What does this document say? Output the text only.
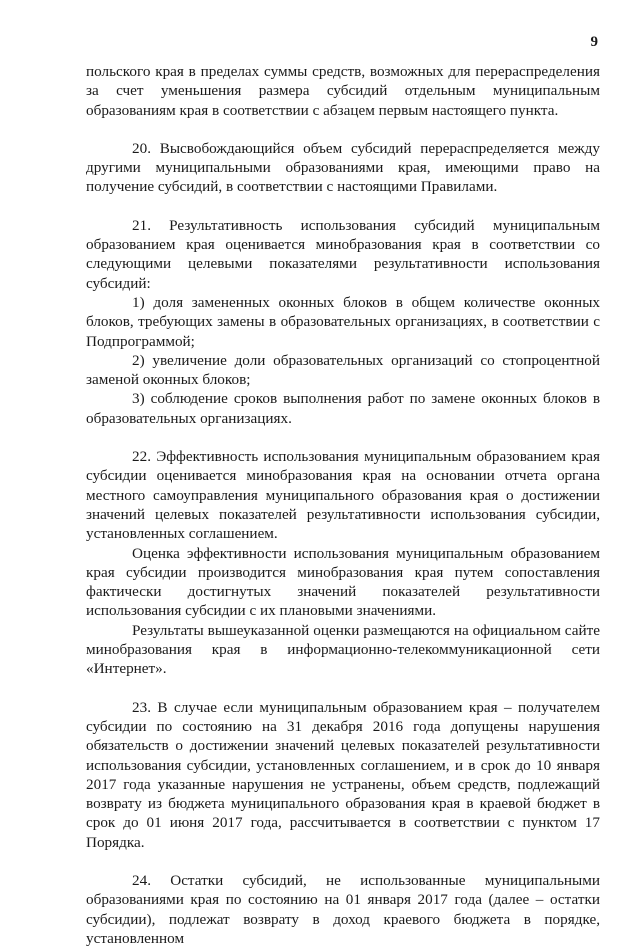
9

польского края в пределах суммы средств, возможных для перераспределения за счет уменьшения размера субсидий отдельным муниципальным образованиям края в соответствии с абзацем первым настоящего пункта.

20. Высвобождающийся объем субсидий перераспределяется между другими муниципальными образованиями края, имеющими право на получение субсидий, в соответствии с настоящими Правилами.

21. Результативность использования субсидий муниципальным образованием края оценивается минобразования края в соответствии со следующими целевыми показателями результативности использования субсидий:

1) доля замененных оконных блоков в общем количестве оконных блоков, требующих замены в образовательных организациях, в соответствии с Подпрограммой;

2) увеличение доли образовательных организаций со стопроцентной заменой оконных блоков;

3) соблюдение сроков выполнения работ по замене оконных блоков в образовательных организациях.

22. Эффективность использования муниципальным образованием края субсидии оценивается минобразования края на основании отчета органа местного самоуправления муниципального образования края о достижении значений целевых показателей результативности использования субсидии, установленных соглашением.

Оценка эффективности использования муниципальным образованием края субсидии производится минобразования края путем сопоставления фактически достигнутых значений показателей результативности использования субсидии с их плановыми значениями.

Результаты вышеуказанной оценки размещаются на официальном сайте минобразования края в информационно-телекоммуникационной сети «Интернет».

23. В случае если муниципальным образованием края – получателем субсидии по состоянию на 31 декабря 2016 года допущены нарушения обязательств о достижении значений целевых показателей результативности использования субсидии, установленных соглашением, и в срок до 10 января 2017 года указанные нарушения не устранены, объем средств, подлежащий возврату из бюджета муниципального образования края в краевой бюджет в срок до 01 июня 2017 года, рассчитывается в соответствии с пунктом 17 Порядка.

24. Остатки субсидий, не использованные муниципальными образованиями края по состоянию на 01 января 2017 года (далее – остатки субсидии), подлежат возврату в доход краевого бюджета в порядке, установленном
